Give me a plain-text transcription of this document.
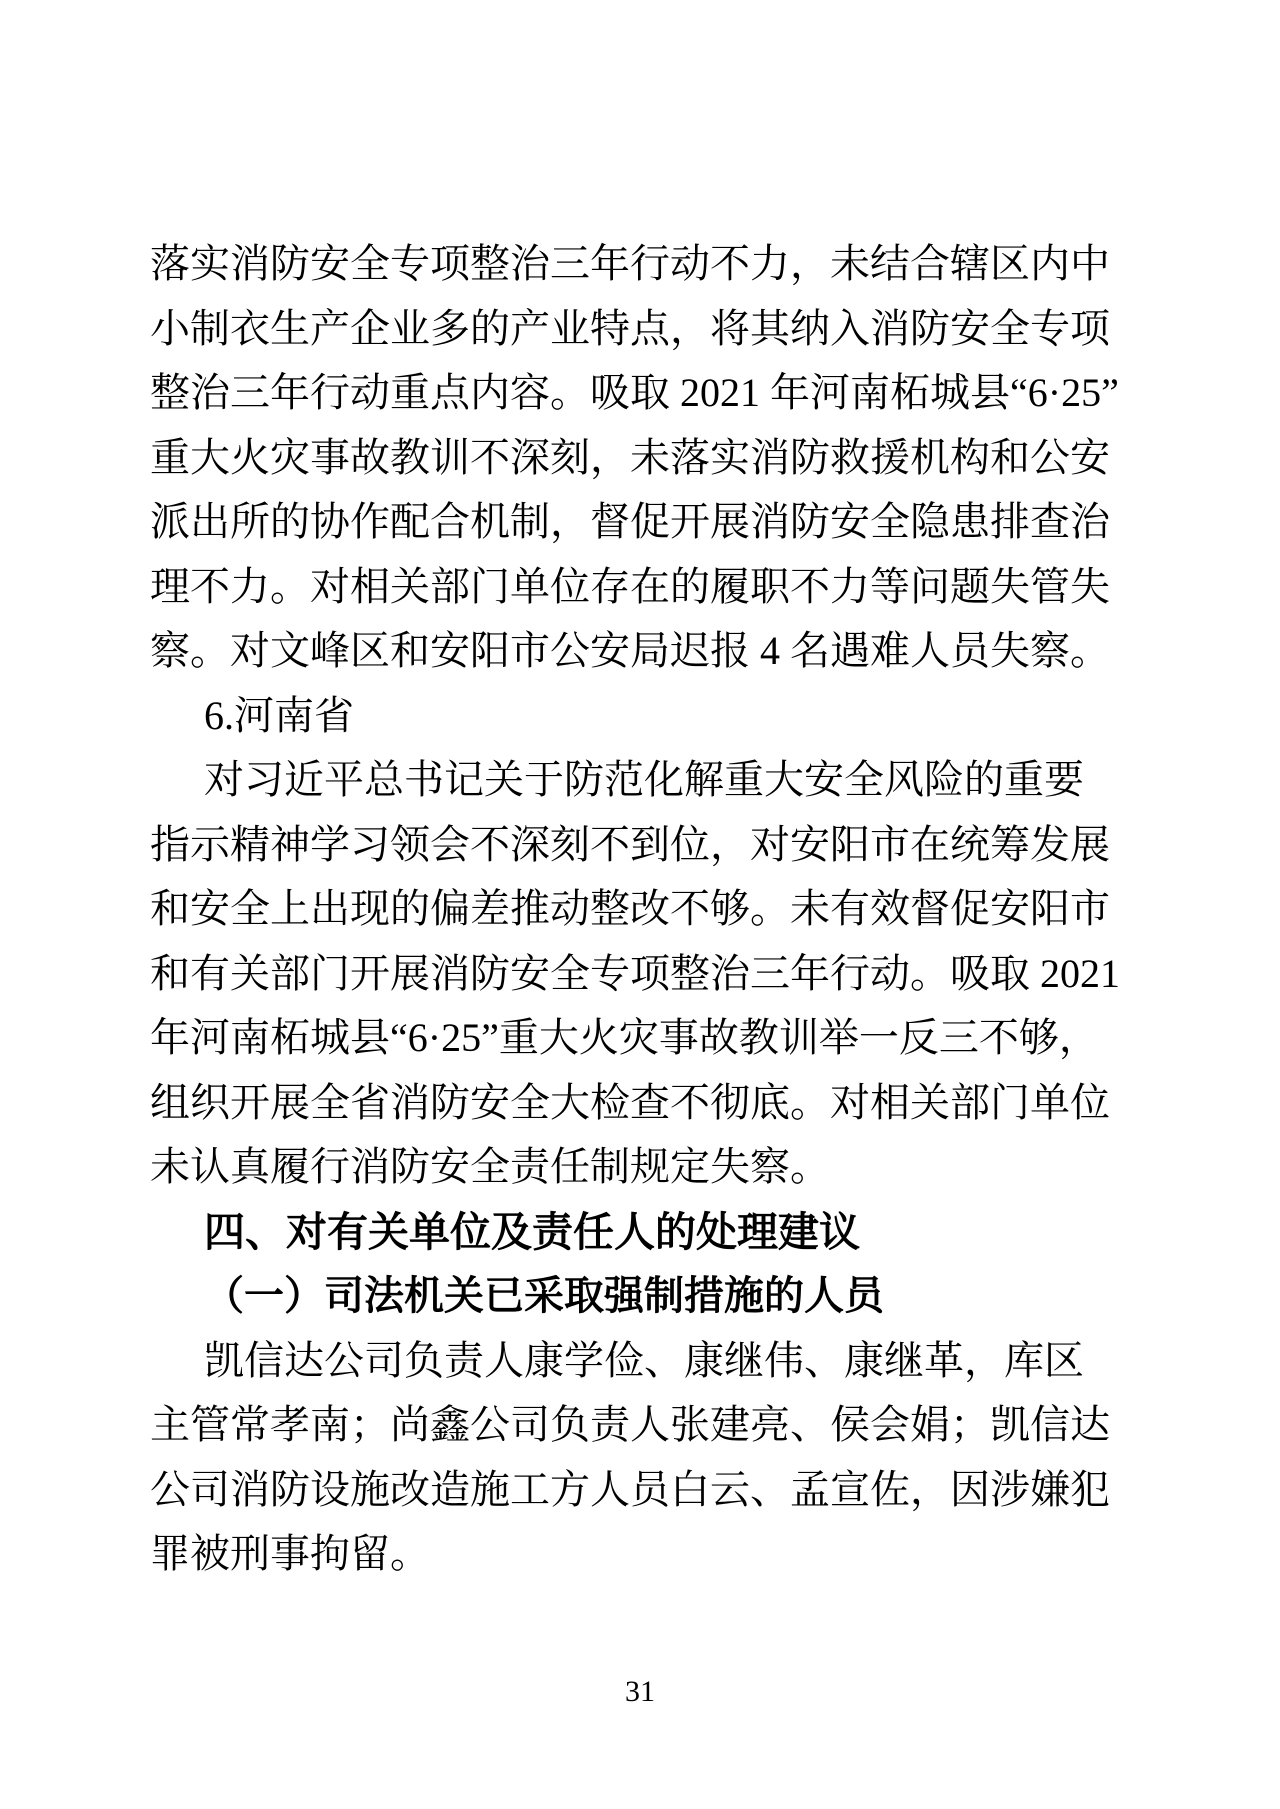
落实消防安全专项整治三年行动不力，未结合辖区内中
小制衣生产企业多的产业特点，将其纳入消防安全专项
整治三年行动重点内容。吸取 2021 年河南柘城县“6·25”
重大火灾事故教训不深刻，未落实消防救援机构和公安
派出所的协作配合机制，督促开展消防安全隐患排查治
理不力。对相关部门单位存在的履职不力等问题失管失
察。对文峰区和安阳市公安局迟报 4 名遇难人员失察。
6.河南省
对习近平总书记关于防范化解重大安全风险的重要
指示精神学习领会不深刻不到位，对安阳市在统筹发展
和安全上出现的偏差推动整改不够。未有效督促安阳市
和有关部门开展消防安全专项整治三年行动。吸取 2021
年河南柘城县“6·25”重大火灾事故教训举一反三不够，
组织开展全省消防安全大检查不彻底。对相关部门单位
未认真履行消防安全责任制规定失察。
四、对有关单位及责任人的处理建议
（一）司法机关已采取强制措施的人员
凯信达公司负责人康学俭、康继伟、康继革，库区
主管常孝南；尚鑫公司负责人张建亮、侯会娟；凯信达
公司消防设施改造施工方人员白云、孟宣佐，因涉嫌犯
罪被刑事拘留。
31
